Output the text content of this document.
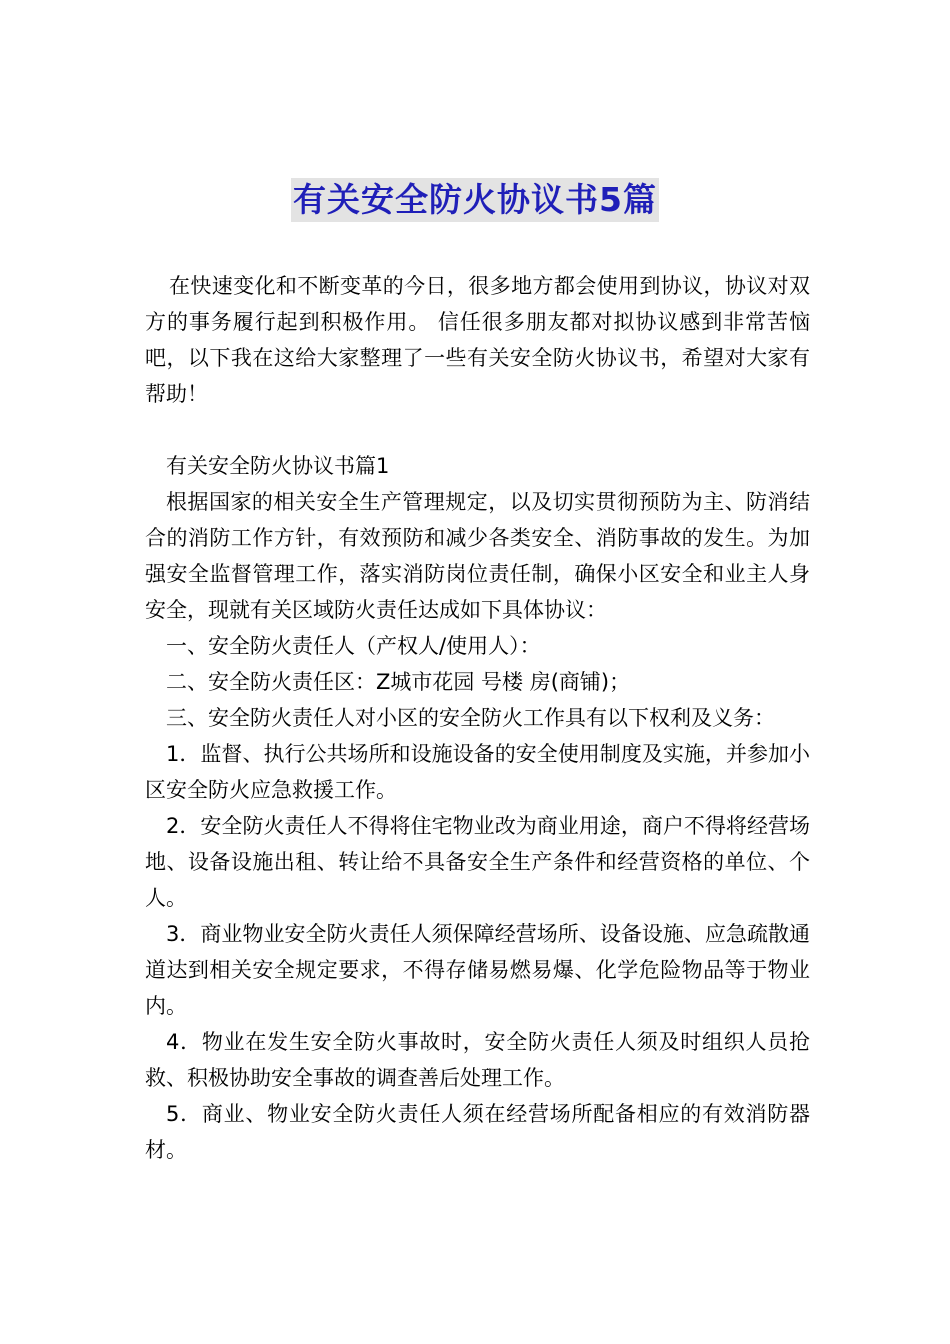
有关安全防火协议书5篇

在快速变化和不断变革的今日，很多地方都会使用到协议，协议对双方的事务履行起到积极作用。 信任很多朋友都对拟协议感到非常苦恼吧，以下我在这给大家整理了一些有关安全防火协议书，希望对大家有帮助！

有关安全防火协议书篇1

根据国家的相关安全生产管理规定，以及切实贯彻预防为主、防消结合的消防工作方针，有效预防和减少各类安全、消防事故的发生。为加强安全监督管理工作，落实消防岗位责任制，确保小区安全和业主人身安全，现就有关区域防火责任达成如下具体协议：

一、安全防火责任人（产权人/使用人）：

二、安全防火责任区：Z城市花园 号楼 房(商铺)；

三、安全防火责任人对小区的安全防火工作具有以下权利及义务：

1．监督、执行公共场所和设施设备的安全使用制度及实施，并参加小区安全防火应急救援工作。

2．安全防火责任人不得将住宅物业改为商业用途，商户不得将经营场地、设备设施出租、转让给不具备安全生产条件和经营资格的单位、个人。

3．商业物业安全防火责任人须保障经营场所、设备设施、应急疏散通道达到相关安全规定要求，不得存储易燃易爆、化学危险物品等于物业内。

4．物业在发生安全防火事故时，安全防火责任人须及时组织人员抢救、积极协助安全事故的调查善后处理工作。

5．商业、物业安全防火责任人须在经营场所配备相应的有效消防器材。
